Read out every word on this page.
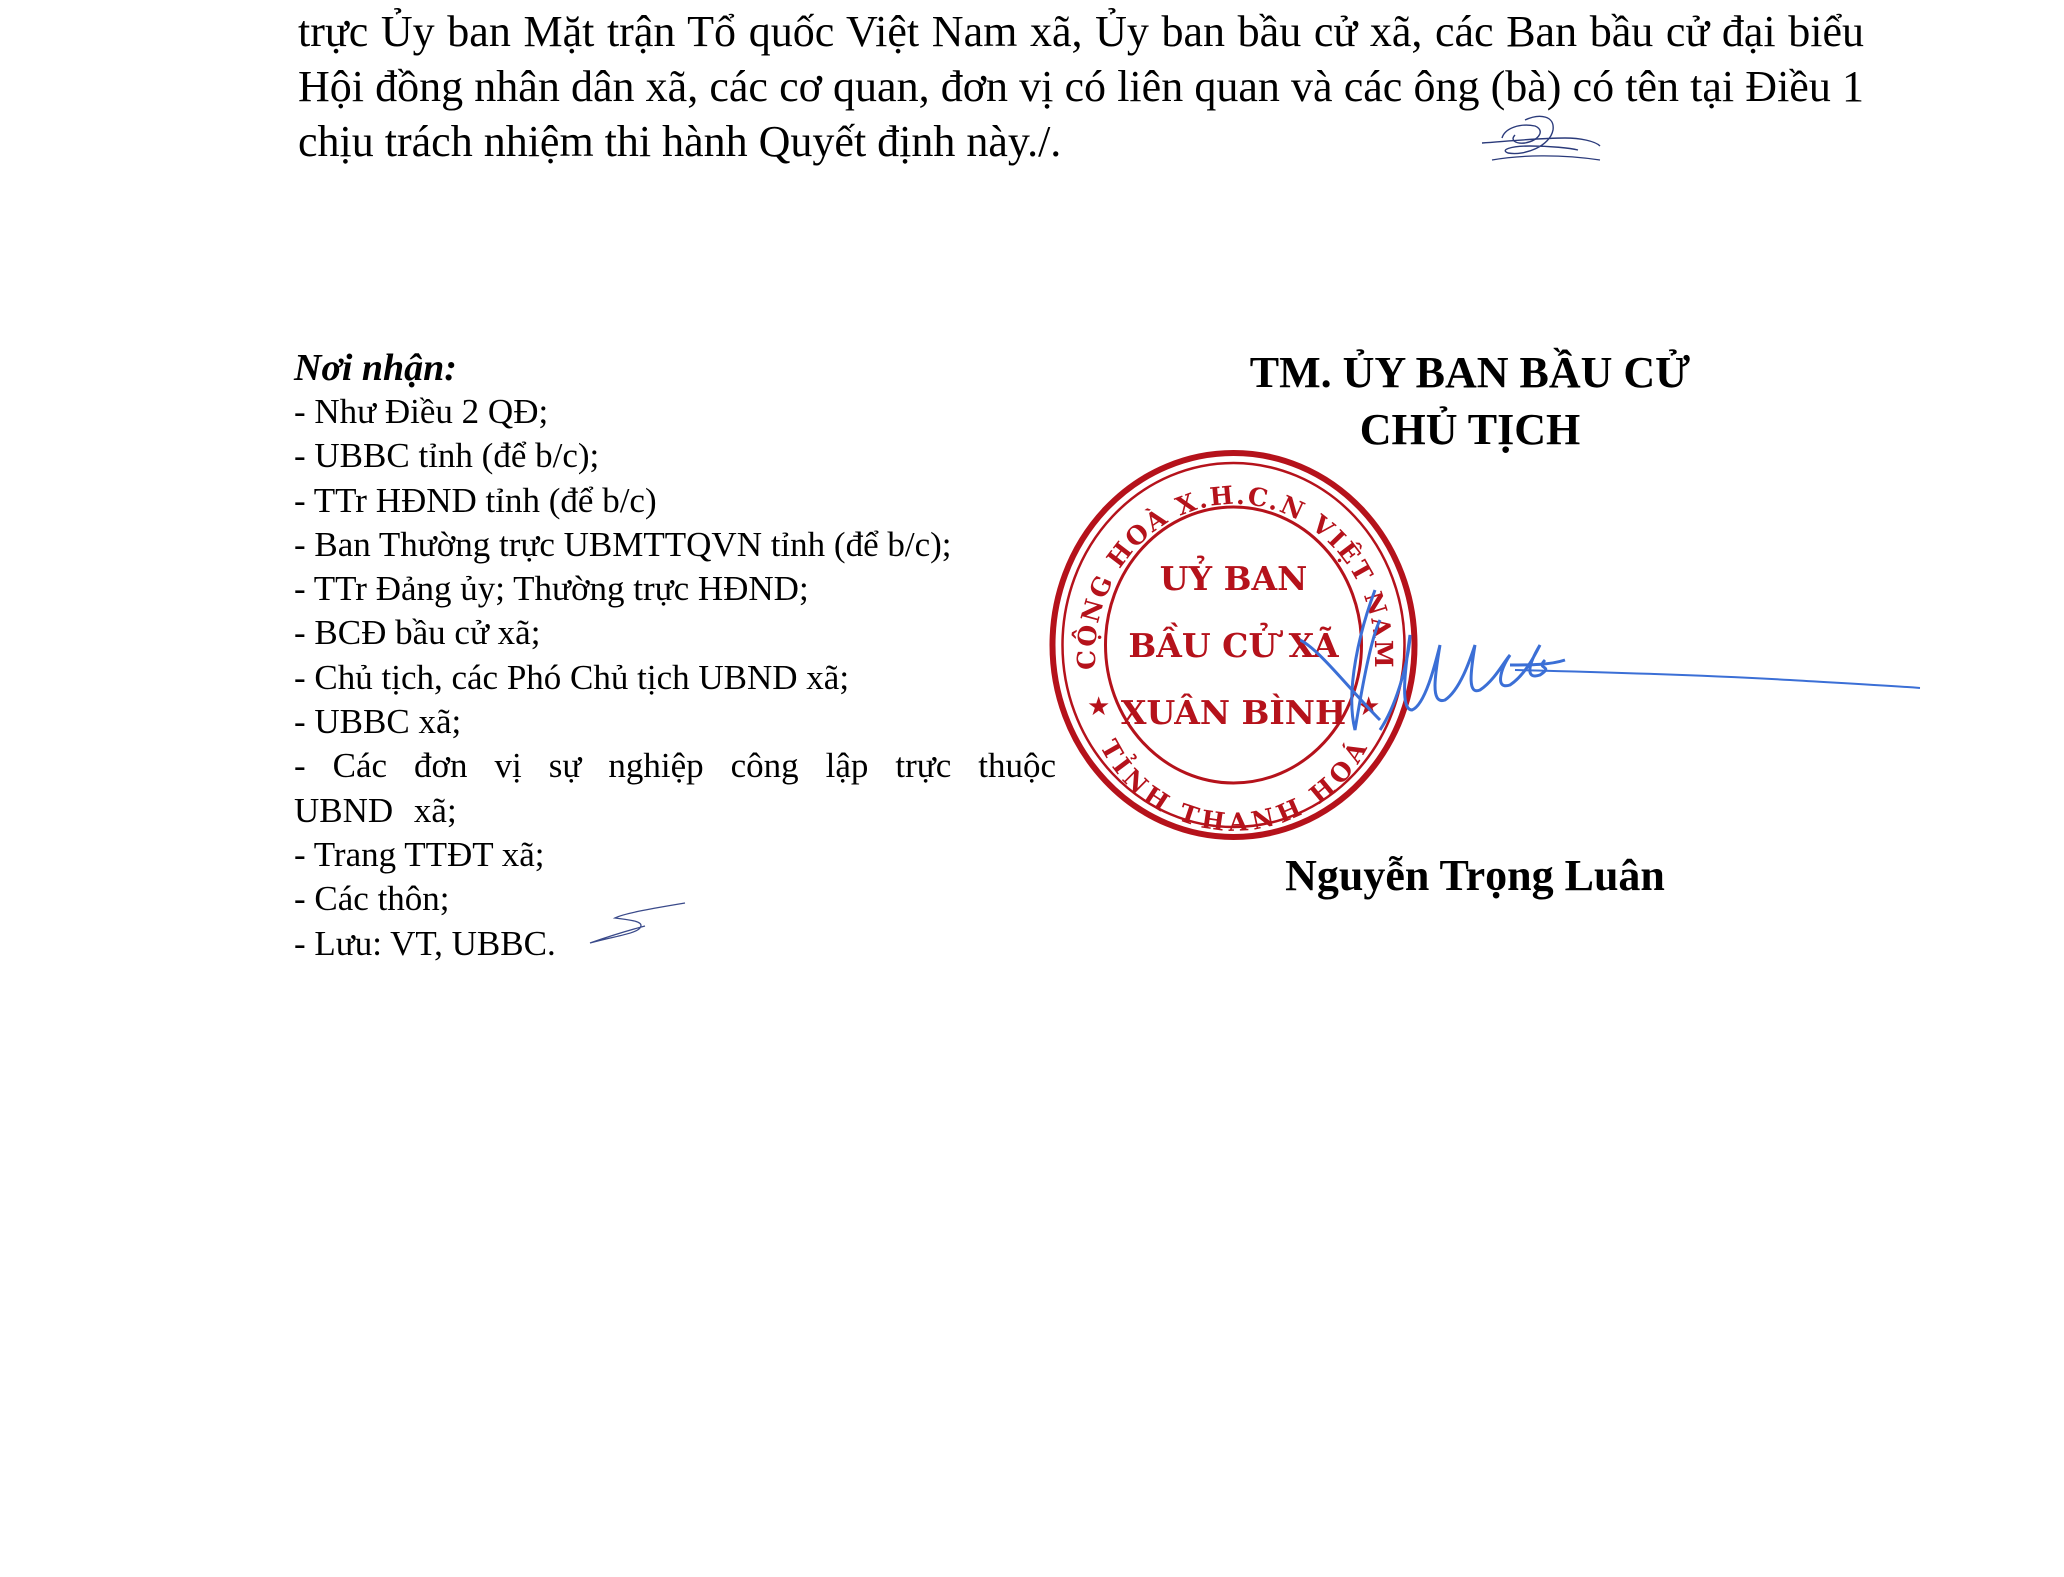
trực Ủy ban Mặt trận Tổ quốc Việt Nam xã, Ủy ban bầu cử xã, các Ban bầu cử đại biểu Hội đồng nhân dân xã, các cơ quan, đơn vị có liên quan và các ông (bà) có tên tại Điều 1 chịu trách nhiệm thi hành Quyết định này./.

Nơi nhận:

- Như Điều 2 QĐ;
- UBBC tỉnh (để b/c);
- TTr HĐND tỉnh (để b/c)
- Ban Thường trực UBMTTQVN tỉnh (để b/c);
- TTr Đảng ủy; Thường trực HĐND;
- BCĐ bầu cử xã;
- Chủ tịch, các Phó Chủ tịch UBND xã;
- UBBC xã;
- Các đơn vị sự nghiệp công lập trực thuộc UBND xã;
- Trang TTĐT xã;
- Các thôn;
- Lưu: VT, UBBC.

TM. ỦY BAN BẦU CỬ

CHỦ TỊCH

CỘNG HOÀ X.H.C.N VIỆT NAM
TỈNH THANH HOÁ
★	★
UỶ BAN
BẦU CỬ XÃ
XUÂN BÌNH

Nguyễn Trọng Luân
